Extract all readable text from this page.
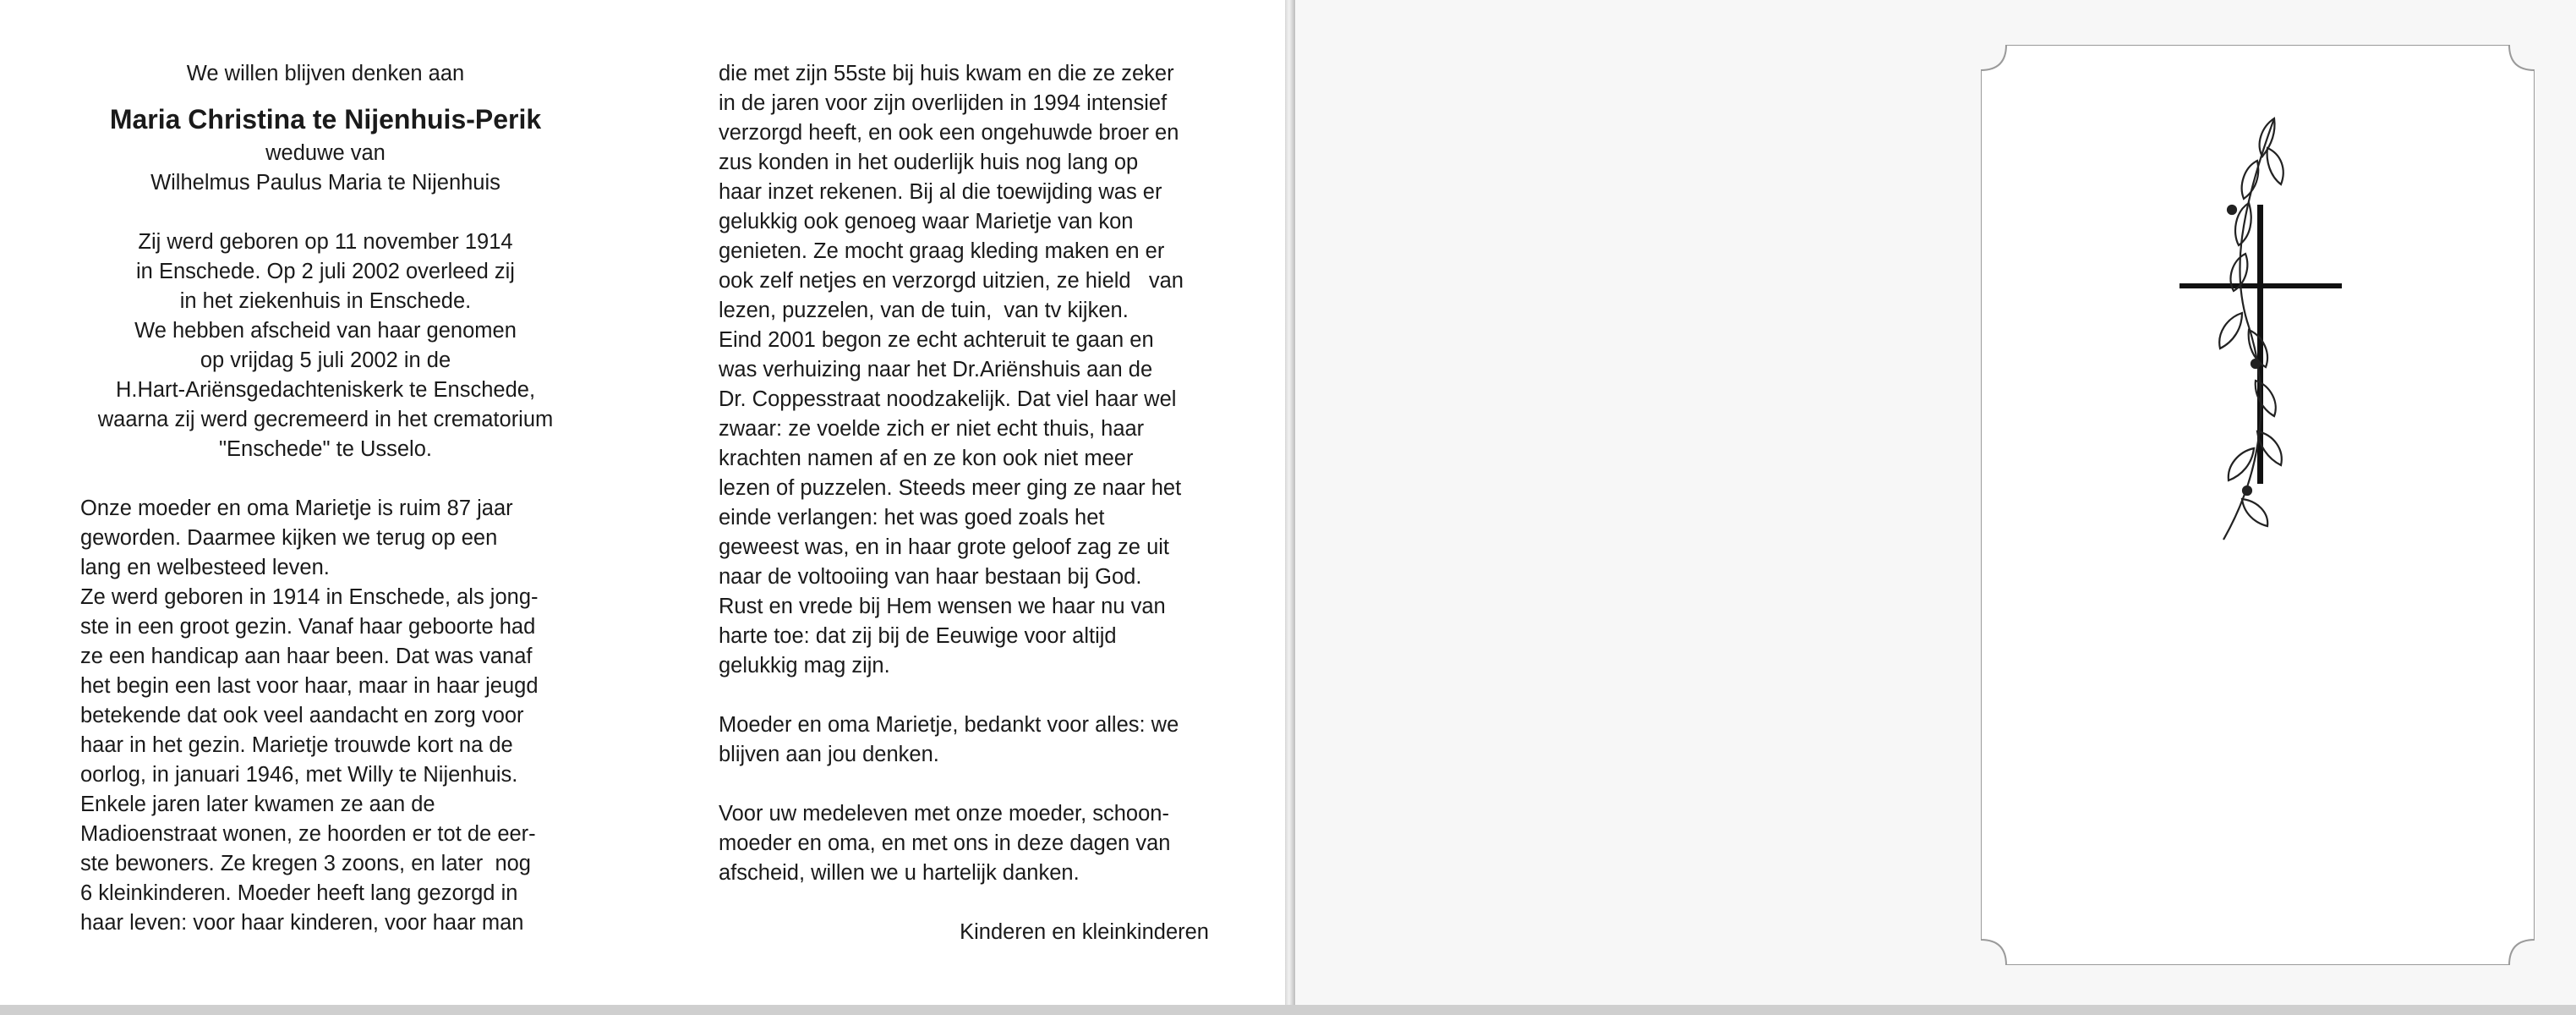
We willen blijven denken aan
Maria Christina te Nijenhuis-Perik
weduwe van
Wilhelmus Paulus Maria te Nijenhuis
Zij werd geboren op 11 november 1914
in Enschede. Op 2 juli 2002 overleed zij
in het ziekenhuis in Enschede.
We hebben afscheid van haar genomen
op vrijdag 5 juli 2002 in de
H.Hart-Ariënsgedachteniskerk te Enschede,
waarna zij werd gecremeerd in het crematorium
"Enschede" te Usselo.
Onze moeder en oma Marietje is ruim 87 jaar
geworden. Daarmee kijken we terug op een
lang en welbesteed leven.
Ze werd geboren in 1914 in Enschede, als jong-
ste in een groot gezin. Vanaf haar geboorte had
ze een handicap aan haar been. Dat was vanaf
het begin een last voor haar, maar in haar jeugd
betekende dat ook veel aandacht en zorg voor
haar in het gezin. Marietje trouwde kort na de
oorlog, in januari 1946, met Willy te Nijenhuis.
Enkele jaren later kwamen ze aan de
Madioenstraat wonen, ze hoorden er tot de eer-
ste bewoners. Ze kregen 3 zoons, en later  nog
6 kleinkinderen. Moeder heeft lang gezorgd in
haar leven: voor haar kinderen, voor haar man
die met zijn 55ste bij huis kwam en die ze zeker
in de jaren voor zijn overlijden in 1994 intensief
verzorgd heeft, en ook een ongehuwde broer en
zus konden in het ouderlijk huis nog lang op
haar inzet rekenen. Bij al die toewijding was er
gelukkig ook genoeg waar Marietje van kon
genieten. Ze mocht graag kleding maken en er
ook zelf netjes en verzorgd uitzien, ze hield   van
lezen, puzzelen, van de tuin,  van tv kijken.
Eind 2001 begon ze echt achteruit te gaan en
was verhuizing naar het Dr.Ariënshuis aan de
Dr. Coppesstraat noodzakelijk. Dat viel haar wel
zwaar: ze voelde zich er niet echt thuis, haar
krachten namen af en ze kon ook niet meer
lezen of puzzelen. Steeds meer ging ze naar het
einde verlangen: het was goed zoals het
geweest was, en in haar grote geloof zag ze uit
naar de voltooiing van haar bestaan bij God.
Rust en vrede bij Hem wensen we haar nu van
harte toe: dat zij bij de Eeuwige voor altijd
gelukkig mag zijn.
Moeder en oma Marietje, bedankt voor alles: we
blijven aan jou denken.
Voor uw medeleven met onze moeder, schoon-
moeder en oma, en met ons in deze dagen van
afscheid, willen we u hartelijk danken.
Kinderen en kleinkinderen
